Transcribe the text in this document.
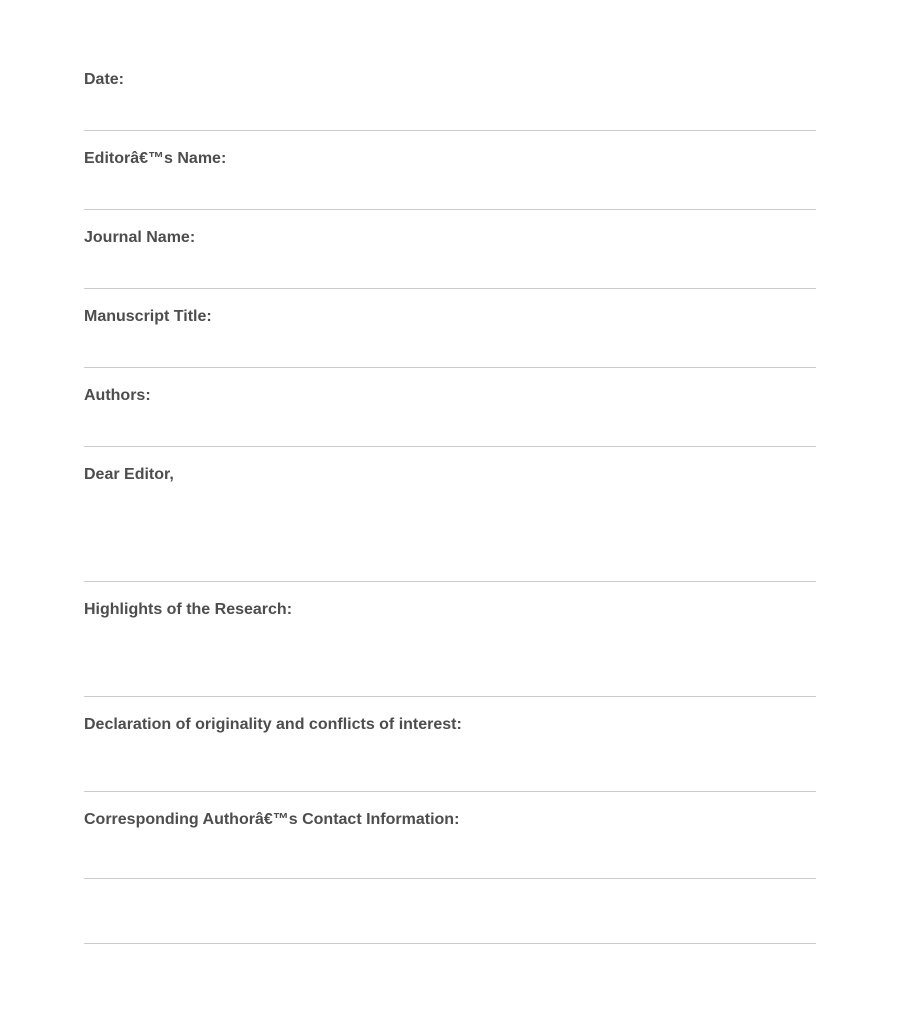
Date:
Editorâ€™s Name:
Journal Name:
Manuscript Title:
Authors:
Dear Editor,
Highlights of the Research:
Declaration of originality and conflicts of interest:
Corresponding Authorâ€™s Contact Information:
